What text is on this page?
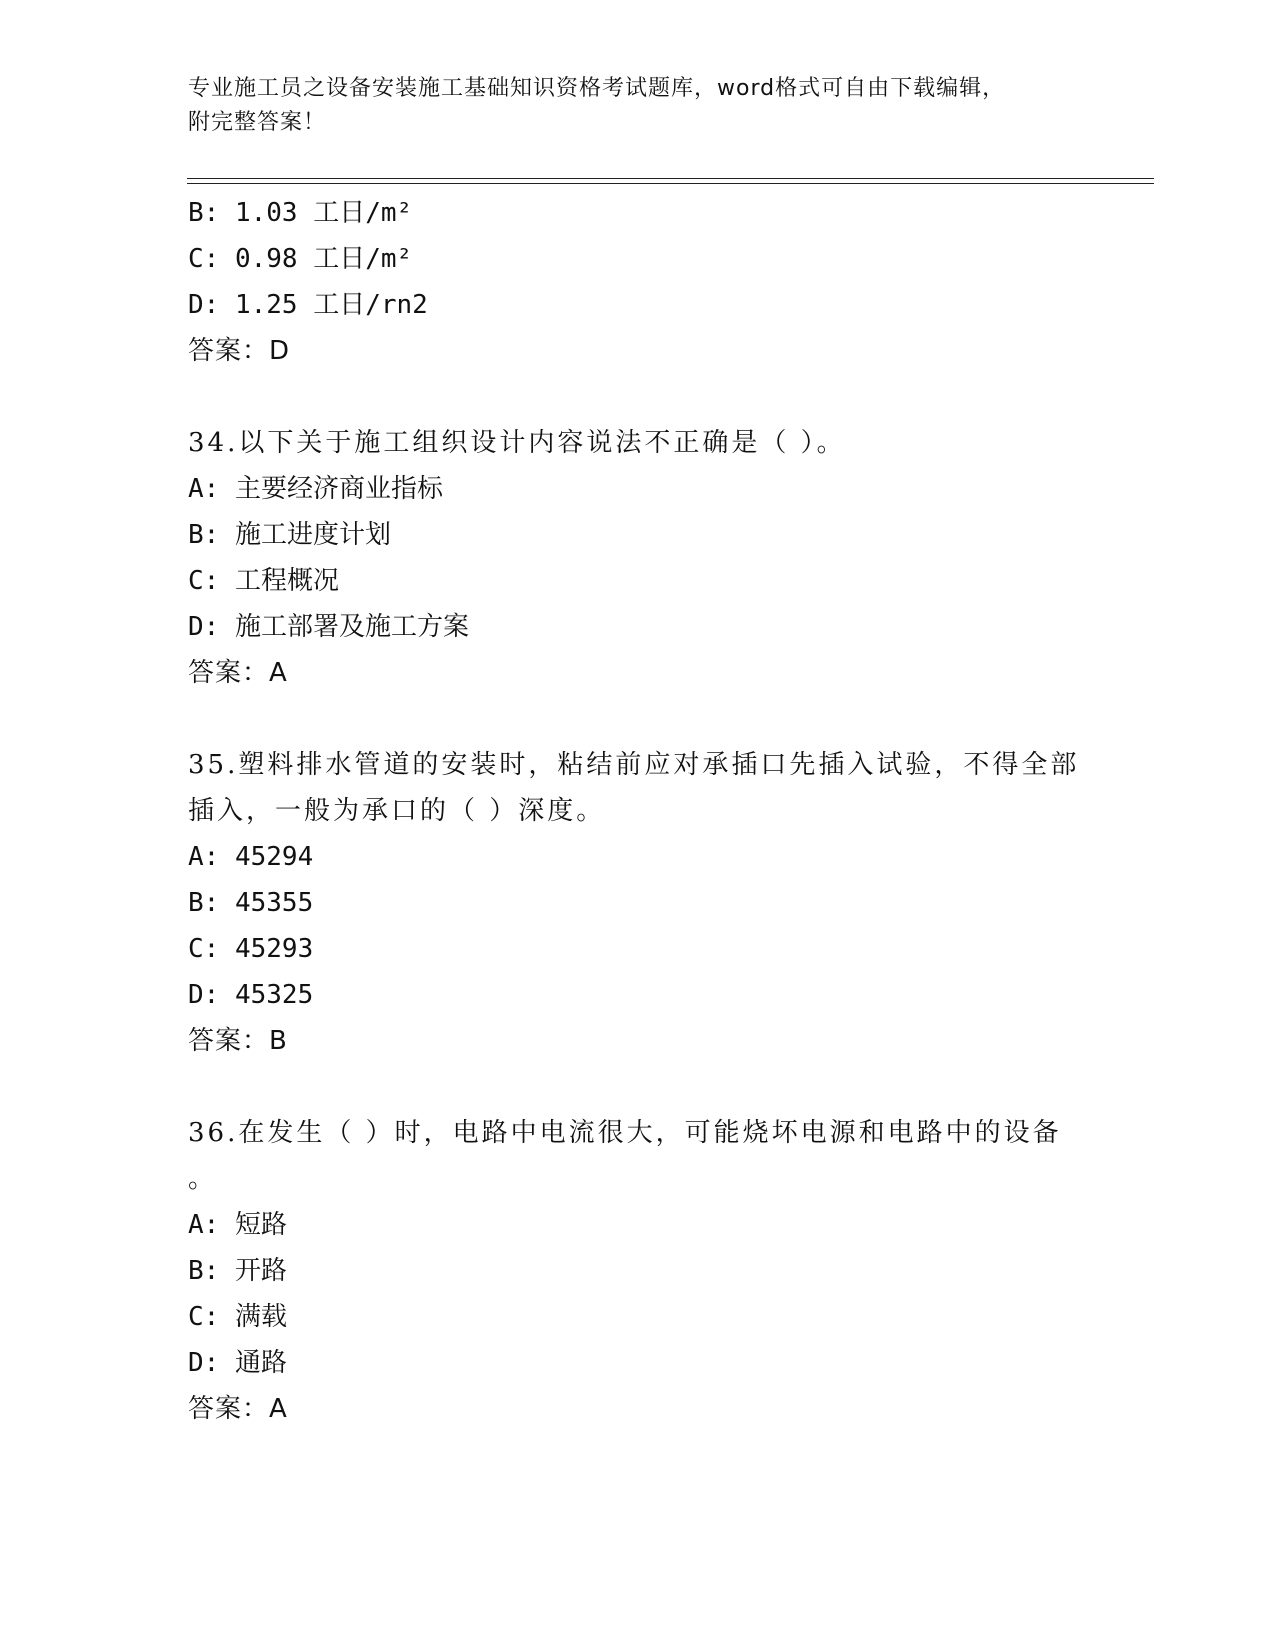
专业施工员之设备安装施工基础知识资格考试题库，word格式可自由下载编辑，
附完整答案！
B: 1.03 工日/m²
C: 0.98 工日/m²
D: 1.25 工日/rn2
答案：D
34.以下关于施工组织设计内容说法不正确是（ ）。
A: 主要经济商业指标
B: 施工进度计划
C: 工程概况
D: 施工部署及施工方案
答案：A
35.塑料排水管道的安装时，粘结前应对承插口先插入试验，不得全部
插入，一般为承口的（ ）深度。
A: 45294
B: 45355
C: 45293
D: 45325
答案：B
36.在发生（ ）时，电路中电流很大，可能烧坏电源和电路中的设备
。
A: 短路
B: 开路
C: 满载
D: 通路
答案：A
